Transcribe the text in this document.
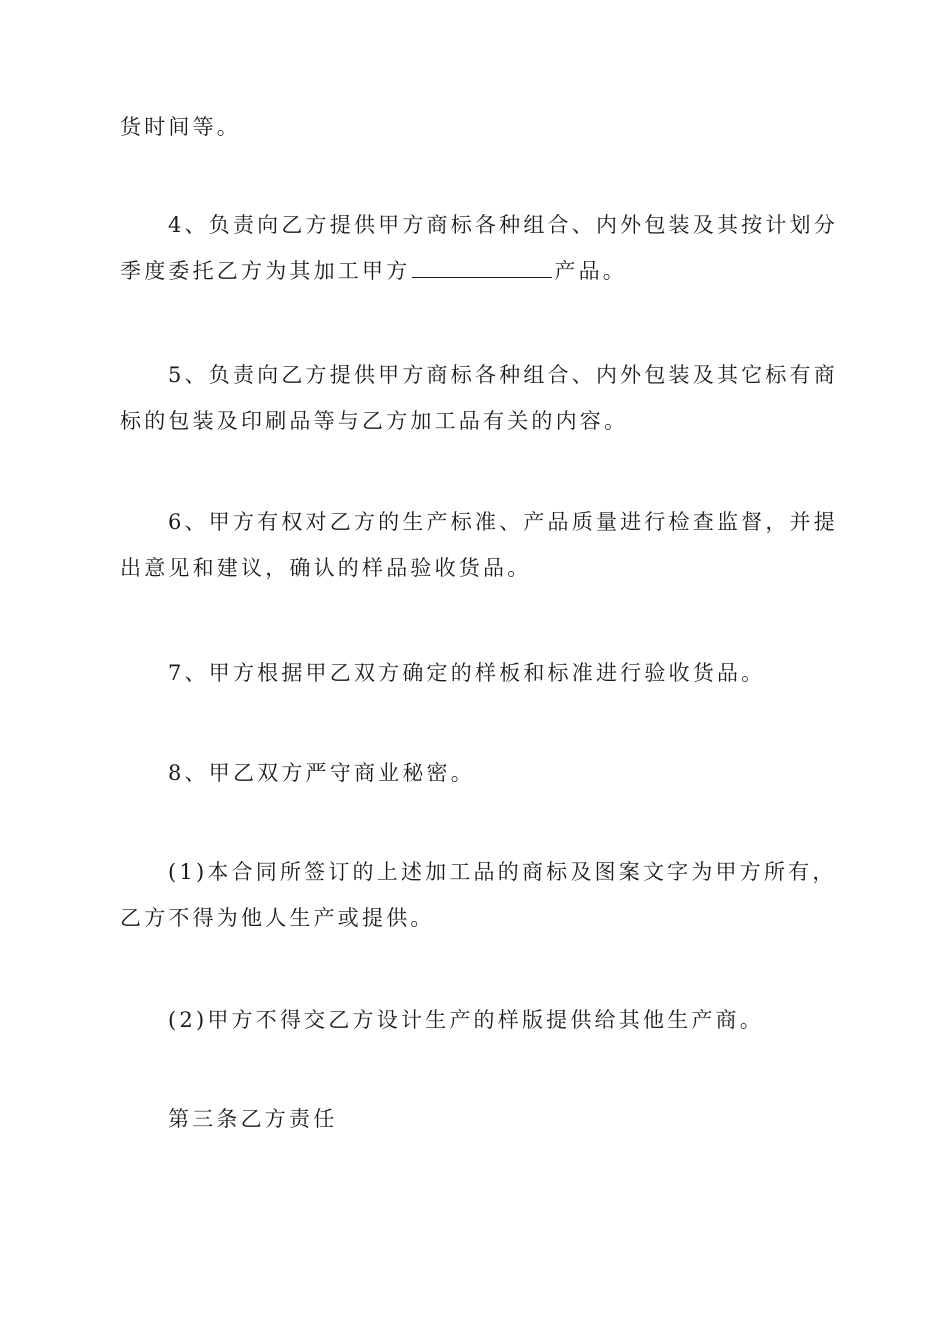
货时间等。

4、负责向乙方提供甲方商标各种组合、内外包装及其按计划分
季度委托乙方为其加工甲方	产品。

5、负责向乙方提供甲方商标各种组合、内外包装及其它标有商
标的包装及印刷品等与乙方加工品有关的内容。

6、甲方有权对乙方的生产标准、产品质量进行检查监督，并提
出意见和建议，确认的样品验收货品。

7、甲方根据甲乙双方确定的样板和标准进行验收货品。

8、甲乙双方严守商业秘密。

(1)本合同所签订的上述加工品的商标及图案文字为甲方所有，
乙方不得为他人生产或提供。

(2)甲方不得交乙方设计生产的样版提供给其他生产商。

第三条乙方责任
